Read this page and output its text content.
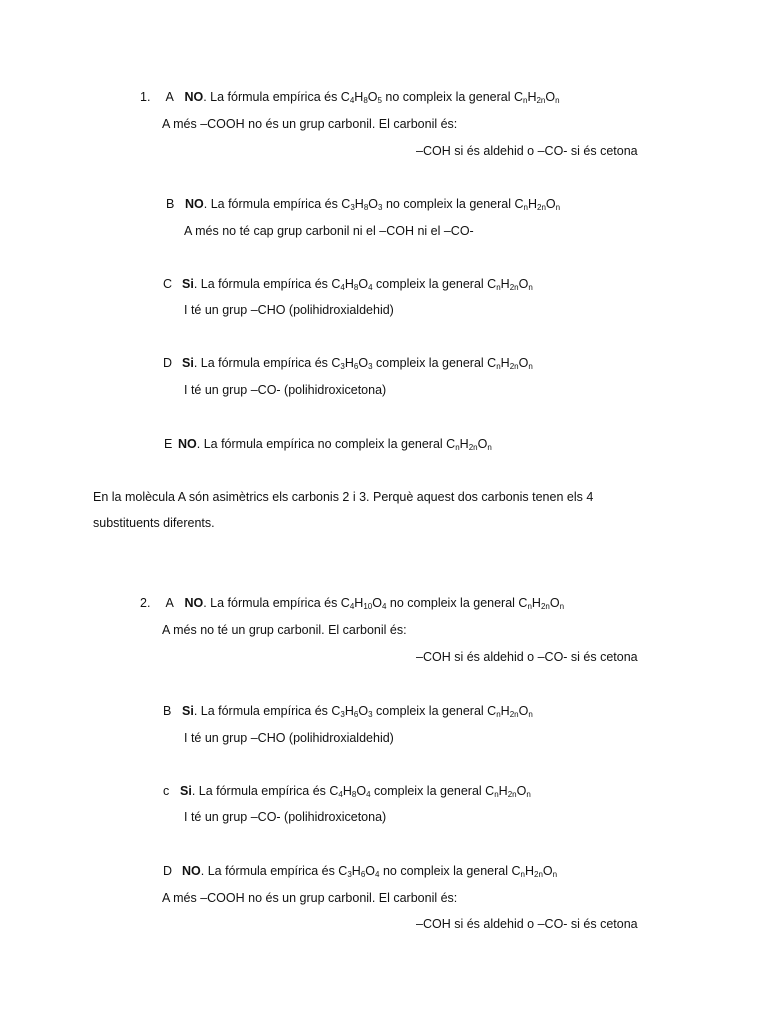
1. A NO. La fórmula empírica és $C_4H_8O_5$ no compleix la general $C_nH_{2n}O_n$
A més –COOH no és un grup carbonil. El carbonil és:
–COH si és aldehid o –CO- si és cetona
B NO. La fórmula empírica és $C_3H_8O_3$ no compleix la general $C_nH_{2n}O_n$
A més no té cap grup carbonil ni el –COH ni el –CO-
C Si. La fórmula empírica és $C_4H_8O_4$ compleix la general $C_nH_{2n}O_n$
I té un grup –CHO (polihidroxialdehid)
D Si. La fórmula empírica és $C_3H_6O_3$ compleix la general $C_nH_{2n}O_n$
I té un grup –CO- (polihidroxicetona)
E NO. La fórmula empírica no compleix la general $C_nH_{2n}O_n$
En la molècula A són asimètrics els carbonis 2 i 3. Perquè aquest dos carbonis tenen els 4
substituents diferents.
2. A NO. La fórmula empírica és $C_4H_{10}O_4$ no compleix la general $C_nH_{2n}O_n$
A més no té un grup carbonil. El carbonil és:
–COH si és aldehid o –CO- si és cetona
B Si. La fórmula empírica és $C_3H_6O_3$ compleix la general $C_nH_{2n}O_n$
I té un grup –CHO (polihidroxialdehid)
c Si. La fórmula empírica és $C_4H_8O_4$ compleix la general $C_nH_{2n}O_n$
I té un grup –CO- (polihidroxicetona)
D NO. La fórmula empírica és $C_3H_6O_4$ no compleix la general $C_nH_{2n}O_n$
A més –COOH no és un grup carbonil. El carbonil és:
–COH si és aldehid o –CO- si és cetona
